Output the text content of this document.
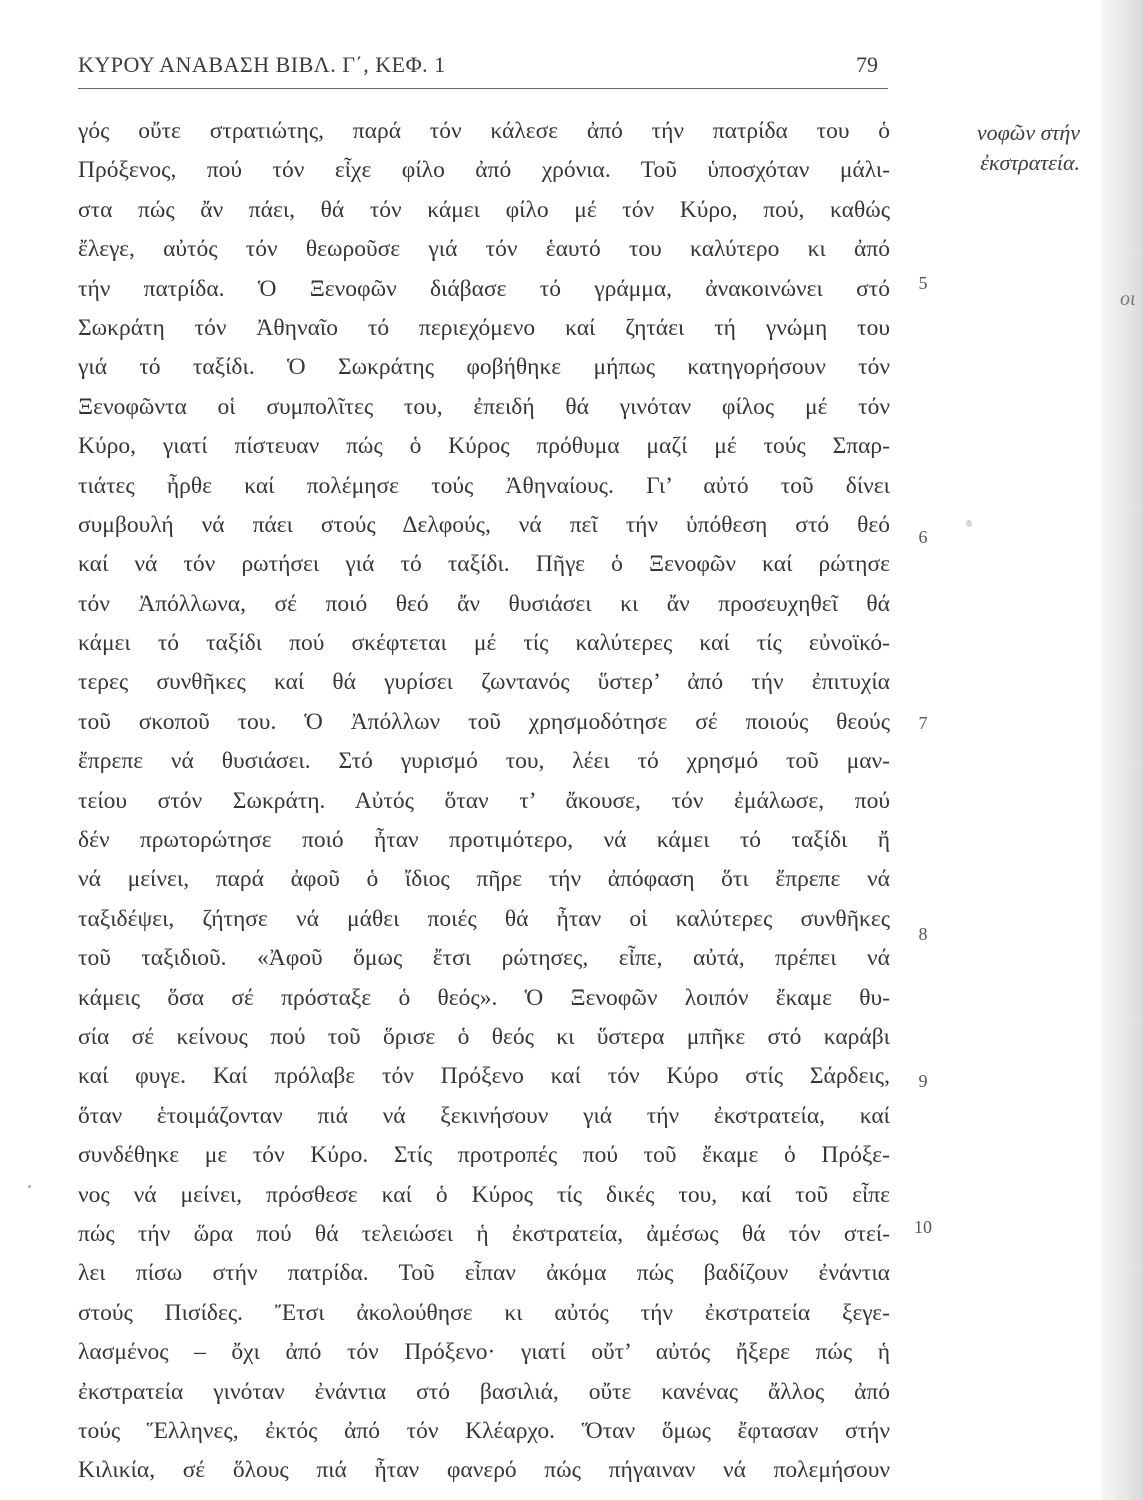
ΚΥΡΟΥ ΑΝΑΒΑΣΗ ΒΙΒΛ. Γ΄, ΚΕΦ. 1	79
νοφῶν στήν
ἐκστρατεία.
οι
γός οὔτε στρατιώτης, παρά τόν κάλεσε ἀπό τήν πατρίδα του ὁ
Πρόξενος, πού τόν εἶχε φίλο ἀπό χρόνια. Τοῦ ὑποσχόταν μάλι-
στα πώς ἄν πάει, θά τόν κάμει φίλο μέ τόν Κύρο, πού, καθώς
ἔλεγε, αὐτός τόν θεωροῦσε γιά τόν ἑαυτό του καλύτερο κι ἀπό
τήν πατρίδα. Ὁ Ξενοφῶν διάβασε τό γράμμα, ἀνακοινώνει στό
Σωκράτη τόν Ἀθηναῖο τό περιεχόμενο καί ζητάει τή γνώμη του
γιά τό ταξίδι. Ὁ Σωκράτης φοβήθηκε μήπως κατηγορήσουν τόν
Ξενοφῶντα οἱ συμπολῖτες του, ἐπειδή θά γινόταν φίλος μέ τόν
Κύρο, γιατί πίστευαν πώς ὁ Κύρος πρόθυμα μαζί μέ τούς Σπαρ-
τιάτες ἦρθε καί πολέμησε τούς Ἀθηναίους. Γι’ αὐτό τοῦ δίνει
συμβουλή νά πάει στούς Δελφούς, νά πεῖ τήν ὑπόθεση στό θεό
καί νά τόν ρωτήσει γιά τό ταξίδι. Πῆγε ὁ Ξενοφῶν καί ρώτησε
τόν Ἀπόλλωνα, σέ ποιό θεό ἄν θυσιάσει κι ἄν προσευχηθεῖ θά
κάμει τό ταξίδι πού σκέφτεται μέ τίς καλύτερες καί τίς εὐνοϊκό-
τερες συνθῆκες καί θά γυρίσει ζωντανός ὕστερ’ ἀπό τήν ἐπιτυχία
τοῦ σκοποῦ του. Ὁ Ἀπόλλων τοῦ χρησμοδότησε σέ ποιούς θεούς
ἔπρεπε νά θυσιάσει. Στό γυρισμό του, λέει τό χρησμό τοῦ μαν-
τείου στόν Σωκράτη. Αὐτός ὅταν τ’ ἄκουσε, τόν ἐμάλωσε, πού
δέν πρωτορώτησε ποιό ἦταν προτιμότερο, νά κάμει τό ταξίδι ἤ
νά μείνει, παρά ἀφοῦ ὁ ἴδιος πῆρε τήν ἀπόφαση ὅτι ἔπρεπε νά
ταξιδέψει, ζήτησε νά μάθει ποιές θά ἦταν οἱ καλύτερες συνθῆκες
τοῦ ταξιδιοῦ. «Ἀφοῦ ὅμως ἔτσι ρώτησες, εἶπε, αὐτά, πρέπει νά
κάμεις ὅσα σέ πρόσταξε ὁ θεός». Ὁ Ξενοφῶν λοιπόν ἔκαμε θυ-
σία σέ κείνους πού τοῦ ὅρισε ὁ θεός κι ὕστερα μπῆκε στό καράβι
καί φυγε. Καί πρόλαβε τόν Πρόξενο καί τόν Κύρο στίς Σάρδεις,
ὅταν ἑτοιμάζονταν πιά νά ξεκινήσουν γιά τήν ἐκστρατεία, καί
συνδέθηκε με τόν Κύρο. Στίς προτροπές πού τοῦ ἔκαμε ὁ Πρόξε-
νος νά μείνει, πρόσθεσε καί ὁ Κύρος τίς δικές του, καί τοῦ εἶπε
πώς τήν ὥρα πού θά τελειώσει ἡ ἐκστρατεία, ἀμέσως θά τόν στεί-
λει πίσω στήν πατρίδα. Τοῦ εἶπαν ἀκόμα πώς βαδίζουν ἐνάντια
στούς Πισίδες. Ἔτσι ἀκολούθησε κι αὐτός τήν ἐκστρατεία ξεγε-
λασμένος – ὄχι ἀπό τόν Πρόξενο· γιατί οὔτ’ αὐτός ἤξερε πώς ἡ
ἐκστρατεία γινόταν ἐνάντια στό βασιλιά, οὔτε κανένας ἄλλος ἀπό
τούς Ἕλληνες, ἐκτός ἀπό τόν Κλέαρχο. Ὅταν ὅμως ἔφτασαν στήν
Κιλικία, σέ ὅλους πιά ἦταν φανερό πώς πήγαιναν νά πολεμήσουν
5
6
7
8
9
10
